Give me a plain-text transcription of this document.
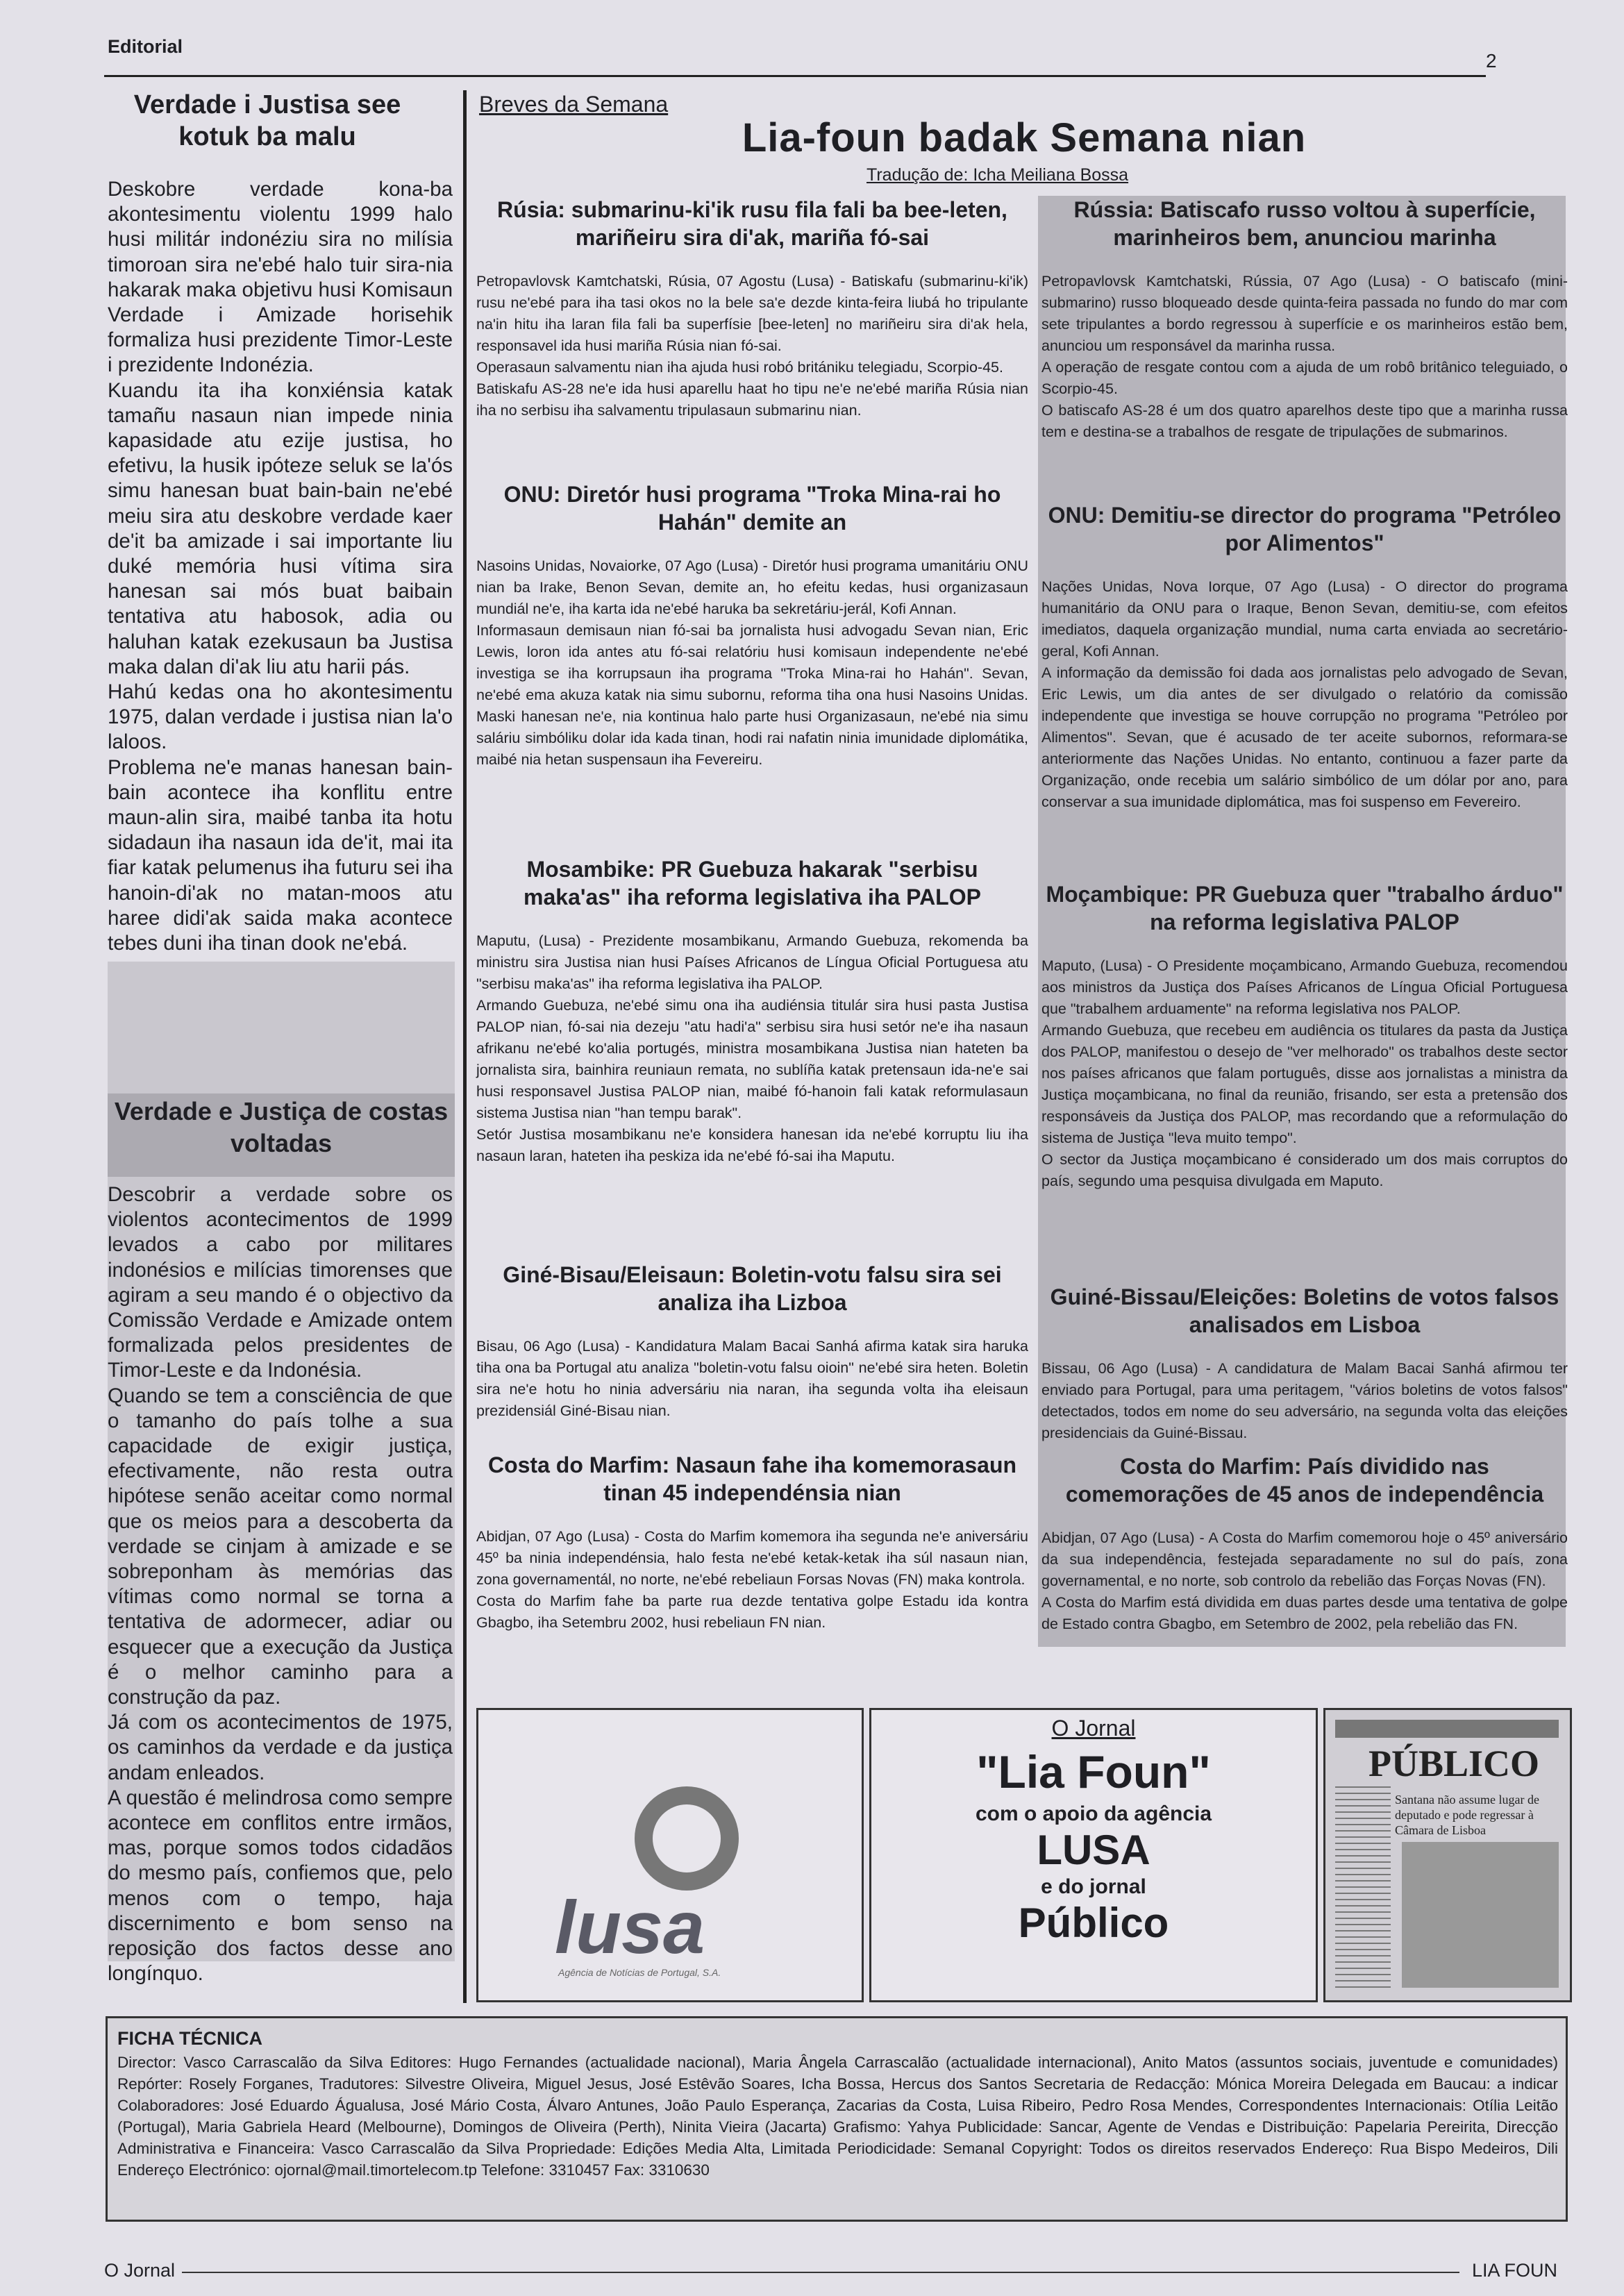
Editorial
2
Verdade i Justisa see kotuk ba malu

Deskobre verdade kona-ba akontesimentu violentu 1999 halo husi militár indonéziu sira no milísia timoroan sira ne'ebé halo tuir sira-nia hakarak maka objetivu husi Komisaun Verdade i Amizade horisehik formaliza husi prezidente Timor-Leste i prezidente Indonézia.

Kuandu ita iha konxiénsia katak tamañu nasaun nian impede ninia kapasidade atu ezije justisa, ho efetivu, la husik ipóteze seluk se la'ós simu hanesan buat bain-bain ne'ebé meiu sira atu deskobre verdade kaer de'it ba amizade i sai importante liu duké memória husi vítima sira hanesan sai mós buat baibain tentativa atu habosok, adia ou haluhan katak ezekusaun ba Justisa maka dalan di'ak liu atu harii pás.

Hahú kedas ona ho akontesimentu 1975, dalan verdade i justisa nian la'o laloos.

Problema ne'e manas hanesan bain-bain acontece iha konflitu entre maun-alin sira, maibé tanba ita hotu sidadaun iha nasaun ida de'it, mai ita fiar katak pelumenus iha futuru sei iha hanoin-di'ak no matan-moos atu haree didi'ak saida maka acontece tebes duni iha tinan dook ne'ebá.

Verdade e Justiça de costas voltadas

Descobrir a verdade sobre os violentos acontecimentos de 1999 levados a cabo por militares indonésios e milícias timorenses que agiram a seu mando é o objectivo da Comissão Verdade e Amizade ontem formalizada pelos presidentes de Timor-Leste e da Indonésia.

Quando se tem a consciência de que o tamanho do país tolhe a sua capacidade de exigir justiça, efectivamente, não resta outra hipótese senão aceitar como normal que os meios para a descoberta da verdade se cinjam à amizade e se sobreponham às memórias das vítimas como normal se torna a tentativa de adormecer, adiar ou esquecer que a execução da Justiça é o melhor caminho para a construção da paz.

Já com os acontecimentos de 1975, os caminhos da verdade e da justiça andam enleados.

A questão é melindrosa como sempre acontece em conflitos entre irmãos, mas, porque somos todos cidadãos do mesmo país, confiemos que, pelo menos com o tempo, haja discernimento e bom senso na reposição dos factos desse ano longínquo.

Breves da Semana
Lia-foun badak Semana nian
Tradução de: Icha Meiliana Bossa
Rúsia: submarinu-ki'ik rusu fila fali ba bee-leten, mariñeiru sira di'ak, mariña fó-sai

Petropavlovsk Kamtchatski, Rúsia, 07 Agostu (Lusa) - Batiskafu (submarinu-ki'ik) rusu ne'ebé para iha tasi okos no la bele sa'e dezde kinta-feira liubá ho tripulante na'in hitu iha laran fila fali ba superfísie [bee-leten] no mariñeiru sira di'ak hela, responsavel ida husi mariña Rúsia nian fó-sai.

Operasaun salvamentu nian iha ajuda husi robó britániku telegiadu, Scorpio-45.

Batiskafu AS-28 ne'e ida husi aparellu haat ho tipu ne'e ne'ebé mariña Rúsia nian iha no serbisu iha salvamentu tripulasaun submarinu nian.

ONU: Diretór husi programa "Troka Mina-rai ho Hahán" demite an

Nasoins Unidas, Novaiorke, 07 Ago (Lusa) - Diretór husi programa umanitáriu ONU nian ba Irake, Benon Sevan, demite an, ho efeitu kedas, husi organizasaun mundiál ne'e, iha karta ida ne'ebé haruka ba sekretáriu-jerál, Kofi Annan.

Informasaun demisaun nian fó-sai ba jornalista husi advogadu Sevan nian, Eric Lewis, loron ida antes atu fó-sai relatóriu husi komisaun independente ne'ebé investiga se iha korrupsaun iha programa "Troka Mina-rai ho Hahán". Sevan, ne'ebé ema akuza katak nia simu subornu, reforma tiha ona husi Nasoins Unidas. Maski hanesan ne'e, nia kontinua halo parte husi Organizasaun, ne'ebé nia simu saláriu simbóliku dolar ida kada tinan, hodi rai nafatin ninia imunidade diplomátika, maibé nia hetan suspensaun iha Fevereiru.

Mosambike: PR Guebuza hakarak "serbisu maka'as" iha reforma legislativa iha PALOP

Maputu, (Lusa) - Prezidente mosambikanu, Armando Guebuza, rekomenda ba ministru sira Justisa nian husi Países Africanos de Língua Oficial Portuguesa atu "serbisu maka'as" iha reforma legislativa iha PALOP.

Armando Guebuza, ne'ebé simu ona iha audiénsia titulár sira husi pasta Justisa PALOP nian, fó-sai nia dezeju "atu hadi'a" serbisu sira husi setór ne'e iha nasaun afrikanu ne'ebé ko'alia portugés, ministra mosambikana Justisa nian hateten ba jornalista sira, bainhira reuniaun remata, no sublíña katak pretensaun ida-ne'e sai husi responsavel Justisa PALOP nian, maibé fó-hanoin fali katak reformulasaun sistema Justisa nian "han tempu barak".

Setór Justisa mosambikanu ne'e konsidera hanesan ida ne'ebé korruptu liu iha nasaun laran, hateten iha peskiza ida ne'ebé fó-sai iha Maputu.

Giné-Bisau/Eleisaun: Boletin-votu falsu sira sei analiza iha Lizboa

Bisau, 06 Ago (Lusa) - Kandidatura Malam Bacai Sanhá afirma katak sira haruka tiha ona ba Portugal atu analiza "boletin-votu falsu oioin" ne'ebé sira heten. Boletin sira ne'e hotu ho ninia adversáriu nia naran, iha segunda volta iha eleisaun prezidensiál Giné-Bisau nian.

Costa do Marfim: Nasaun fahe iha komemorasaun tinan 45 independénsia nian

Abidjan, 07 Ago (Lusa) - Costa do Marfim komemora iha segunda ne'e aniversáriu 45º ba ninia independénsia, halo festa ne'ebé ketak-ketak iha súl nasaun nian, zona governamentál, no norte, ne'ebé rebeliaun Forsas Novas (FN) maka kontrola.

Costa do Marfim fahe ba parte rua dezde tentativa golpe Estadu ida kontra Gbagbo, iha Setembru 2002, husi rebeliaun FN nian.

Rússia: Batiscafo russo voltou à superfície, marinheiros bem, anunciou marinha

Petropavlovsk Kamtchatski, Rússia, 07 Ago (Lusa) - O batiscafo (mini-submarino) russo bloqueado desde quinta-feira passada no fundo do mar com sete tripulantes a bordo regressou à superfície e os marinheiros estão bem, anunciou um responsável da marinha russa.

A operação de resgate contou com a ajuda de um robô britânico teleguiado, o Scorpio-45.

O batiscafo AS-28 é um dos quatro aparelhos deste tipo que a marinha russa tem e destina-se a trabalhos de resgate de tripulações de submarinos.

ONU: Demitiu-se director do programa "Petróleo por Alimentos"

Nações Unidas, Nova Iorque, 07 Ago (Lusa) - O director do programa humanitário da ONU para o Iraque, Benon Sevan, demitiu-se, com efeitos imediatos, daquela organização mundial, numa carta enviada ao secretário-geral, Kofi Annan.

A informação da demissão foi dada aos jornalistas pelo advogado de Sevan, Eric Lewis, um dia antes de ser divulgado o relatório da comissão independente que investiga se houve corrupção no programa "Petróleo por Alimentos". Sevan, que é acusado de ter aceite subornos, reformara-se anteriormente das Nações Unidas. No entanto, continuou a fazer parte da Organização, onde recebia um salário simbólico de um dólar por ano, para conservar a sua imunidade diplomática, mas foi suspenso em Fevereiro.

Moçambique: PR Guebuza quer "trabalho árduo" na reforma legislativa PALOP

Maputo, (Lusa) - O Presidente moçambicano, Armando Guebuza, recomendou aos ministros da Justiça dos Países Africanos de Língua Oficial Portuguesa que "trabalhem arduamente" na reforma legislativa nos PALOP.

Armando Guebuza, que recebeu em audiência os titulares da pasta da Justiça dos PALOP, manifestou o desejo de "ver melhorado" os trabalhos deste sector nos países africanos que falam português, disse aos jornalistas a ministra da Justiça moçambicana, no final da reunião, frisando, ser esta a pretensão dos responsáveis da Justiça dos PALOP, mas recordando que a reformulação do sistema de Justiça "leva muito tempo".

O sector da Justiça moçambicano é considerado um dos mais corruptos do país, segundo uma pesquisa divulgada em Maputo.

Guiné-Bissau/Eleições: Boletins de votos falsos analisados em Lisboa

Bissau, 06 Ago (Lusa) - A candidatura de Malam Bacai Sanhá afirmou ter enviado para Portugal, para uma peritagem, "vários boletins de votos falsos" detectados, todos em nome do seu adversário, na segunda volta das eleições presidenciais da Guiné-Bissau.

Costa do Marfim: País dividido nas comemorações de 45 anos de independência

Abidjan, 07 Ago (Lusa) - A Costa do Marfim comemorou hoje o 45º aniversário da sua independência, festejada separadamente no sul do país, zona governamental, e no norte, sob controlo da rebelião das Forças Novas (FN).

A Costa do Marfim está dividida em duas partes desde uma tentativa de golpe de Estado contra Gbagbo, em Setembro de 2002, pela rebelião das FN.

lusa
Agência de Notícias de Portugal, S.A.
O Jornal
"Lia Foun"
com o apoio da agência
LUSA
e do jornal
Público
PÚBLICO
Santana não assume lugar de deputado e pode regressar à Câmara de Lisboa
FICHA TÉCNICA
Director: Vasco Carrascalão da Silva Editores: Hugo Fernandes (actualidade nacional), Maria Ângela Carrascalão (actualidade internacional), Anito Matos (assuntos sociais, juventude e comunidades) Repórter: Rosely Forganes, Tradutores: Silvestre Oliveira, Miguel Jesus, José Estêvão Soares, Icha Bossa, Hercus dos Santos Secretaria de Redacção: Mónica Moreira Delegada em Baucau: a indicar Colaboradores: José Eduardo Águalusa, José Mário Costa, Álvaro Antunes, João Paulo Esperança, Zacarias da Costa, Luisa Ribeiro, Pedro Rosa Mendes, Correspondentes Internacionais: Otília Leitão (Portugal), Maria Gabriela Heard (Melbourne), Domingos de Oliveira (Perth), Ninita Vieira (Jacarta) Grafismo: Yahya Publicidade: Sancar, Agente de Vendas e Distribuição: Papelaria Pereirita, Direcção Administrativa e Financeira: Vasco Carrascalão da Silva Propriedade: Edições Media Alta, Limitada Periodicidade: Semanal Copyright: Todos os direitos reservados Endereço: Rua Bispo Medeiros, Dili Endereço Electrónico: ojornal@mail.timortelecom.tp Telefone: 3310457 Fax: 3310630
O Jornal	LIA FOUN
